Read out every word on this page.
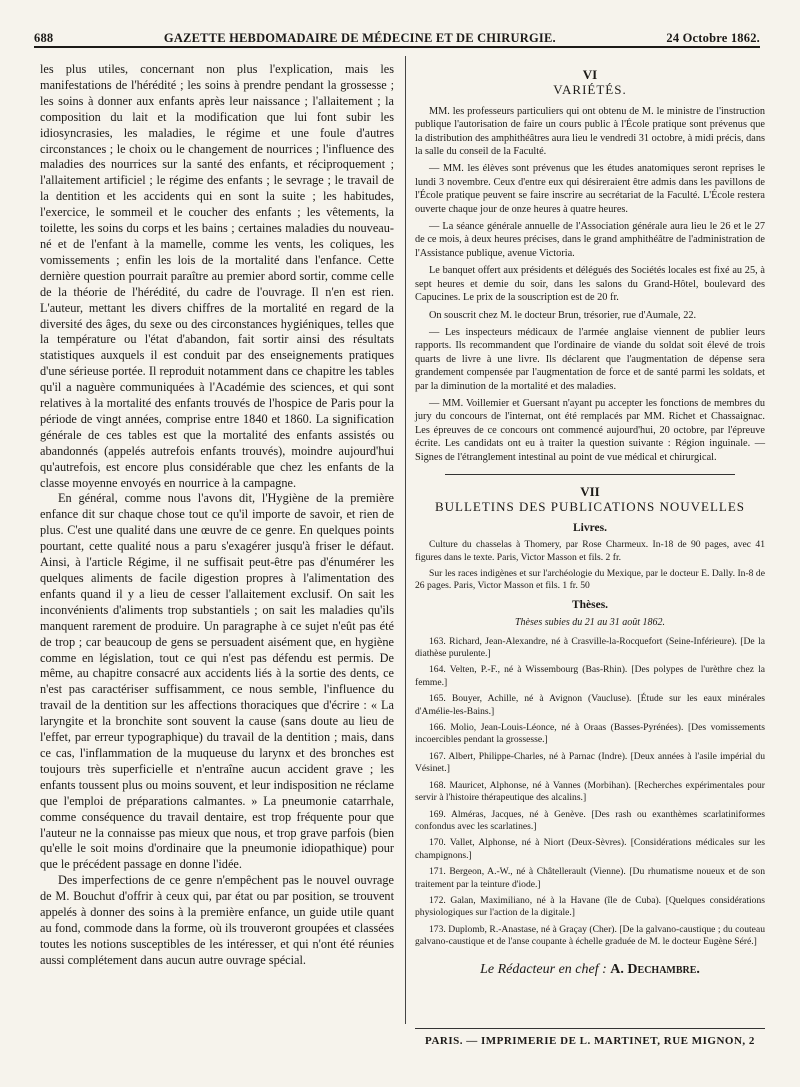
688	GAZETTE HEBDOMADAIRE DE MÉDECINE ET DE CHIRURGIE.	24 Octobre 1862.

les plus utiles, concernant non plus l'explication, mais les manifestations de l'hérédité ; les soins à prendre pendant la grossesse ; les soins à donner aux enfants après leur naissance ; l'allaitement ; la composition du lait et la modification que lui font subir les idiosyncrasies, les maladies, le régime et une foule d'autres circonstances ; le choix ou le changement de nourrices ; l'influence des maladies des nourrices sur la santé des enfants, et réciproquement ; l'allaitement artificiel ; le régime des enfants ; le sevrage ; le travail de la dentition et les accidents qui en sont la suite ; les habitudes, l'exercice, le sommeil et le coucher des enfants ; les vêtements, la toilette, les soins du corps et les bains ; certaines maladies du nouveau-né et de l'enfant à la mamelle, comme les vents, les coliques, les vomissements ; enfin les lois de la mortalité dans l'enfance. Cette dernière question pourrait paraître au premier abord sortir, comme celle de la théorie de l'hérédité, du cadre de l'ouvrage. Il n'en est rien. L'auteur, mettant les divers chiffres de la mortalité en regard de la diversité des âges, du sexe ou des circonstances hygiéniques, telles que la température ou l'état d'abandon, fait sortir ainsi des résultats statistiques auxquels il est conduit par des enseignements pratiques d'une sérieuse portée. Il reproduit notamment dans ce chapitre les tables qu'il a naguère communiquées à l'Académie des sciences, et qui sont relatives à la mortalité des enfants trouvés de l'hospice de Paris pour la période de vingt années, comprise entre 1840 et 1860. La signification générale de ces tables est que la mortalité des enfants assistés ou abandonnés (appelés autrefois enfants trouvés), moindre aujourd'hui qu'autrefois, est encore plus considérable que chez les enfants de la classe moyenne envoyés en nourrice à la campagne.

En général, comme nous l'avons dit, l'Hygiène de la première enfance dit sur chaque chose tout ce qu'il importe de savoir, et rien de plus. C'est une qualité dans une œuvre de ce genre. En quelques points pourtant, cette qualité nous a paru s'exagérer jusqu'à friser le défaut. Ainsi, à l'article Régime, il ne suffisait peut-être pas d'énumérer les quelques aliments de facile digestion propres à l'alimentation des enfants quand il y a lieu de cesser l'allaitement exclusif. On sait les inconvénients d'aliments trop substantiels ; on sait les maladies qu'ils manquent rarement de produire. Un paragraphe à ce sujet n'eût pas été de trop ; car beaucoup de gens se persuadent aisément que, en hygiène comme en législation, tout ce qui n'est pas défendu est permis. De même, au chapitre consacré aux accidents liés à la sortie des dents, ce n'est pas caractériser suffisamment, ce nous semble, l'influence du travail de la dentition sur les affections thoraciques que d'écrire : « La laryngite et la bronchite sont souvent la cause (sans doute au lieu de l'effet, par erreur typographique) du travail de la dentition ; mais, dans ce cas, l'inflammation de la muqueuse du larynx et des bronches est toujours très superficielle et n'entraîne aucun accident grave ; les enfants toussent plus ou moins souvent, et leur indisposition ne réclame que l'emploi de préparations calmantes. » La pneumonie catarrhale, comme conséquence du travail dentaire, est trop fréquente pour que l'auteur ne la connaisse pas mieux que nous, et trop grave parfois (bien qu'elle le soit moins d'ordinaire que la pneumonie idiopathique) pour que le précédent passage en donne l'idée.

Des imperfections de ce genre n'empêchent pas le nouvel ouvrage de M. Bouchut d'offrir à ceux qui, par état ou par position, se trouvent appelés à donner des soins à la première enfance, un guide utile quant au fond, commode dans la forme, où ils trouveront groupées et classées toutes les notions susceptibles de les intéresser, et qui n'ont été réunies aussi complétement dans aucun autre ouvrage spécial.

VI
VARIÉTÉS.

MM. les professeurs particuliers qui ont obtenu de M. le ministre de l'instruction publique l'autorisation de faire un cours public à l'École pratique sont prévenus que la distribution des amphithéâtres aura lieu le vendredi 31 octobre, à midi précis, dans la salle du conseil de la Faculté.

— MM. les élèves sont prévenus que les études anatomiques seront reprises le lundi 3 novembre. Ceux d'entre eux qui désireraient être admis dans les pavillons de l'École pratique peuvent se faire inscrire au secrétariat de la Faculté. L'École restera ouverte chaque jour de onze heures à quatre heures.

— La séance générale annuelle de l'Association générale aura lieu le 26 et le 27 de ce mois, à deux heures précises, dans le grand amphithéâtre de l'administration de l'Assistance publique, avenue Victoria.

Le banquet offert aux présidents et délégués des Sociétés locales est fixé au 25, à sept heures et demie du soir, dans les salons du Grand-Hôtel, boulevard des Capucines. Le prix de la souscription est de 20 fr.

On souscrit chez M. le docteur Brun, trésorier, rue d'Aumale, 22.

— Les inspecteurs médicaux de l'armée anglaise viennent de publier leurs rapports. Ils recommandent que l'ordinaire de viande du soldat soit élevé de trois quarts de livre à une livre. Ils déclarent que l'augmentation de dépense sera grandement compensée par l'augmentation de force et de santé parmi les soldats, et par la diminution de la mortalité et des maladies.

— MM. Voillemier et Guersant n'ayant pu accepter les fonctions de membres du jury du concours de l'internat, ont été remplacés par MM. Richet et Chassaignac. Les épreuves de ce concours ont commencé aujourd'hui, 20 octobre, par l'épreuve écrite. Les candidats ont eu à traiter la question suivante : Région inguinale. — Signes de l'étranglement intestinal au point de vue médical et chirurgical.

VII
BULLETINS DES PUBLICATIONS NOUVELLES
Livres.

Culture du chasselas à Thomery, par Rose Charmeux. In-18 de 90 pages, avec 41 figures dans le texte. Paris, Victor Masson et fils. 2 fr.

Sur les races indigènes et sur l'archéologie du Mexique, par le docteur E. Dally. In-8 de 26 pages. Paris, Victor Masson et fils. 1 fr. 50

Thèses.
Thèses subies du 21 au 31 août 1862.

163. Richard, Jean-Alexandre, né à Crasville-la-Rocquefort (Seine-Inférieure). [De la diathèse purulente.]

164. Velten, P.-F., né à Wissembourg (Bas-Rhin). [Des polypes de l'urèthre chez la femme.]

165. Bouyer, Achille, né à Avignon (Vaucluse). [Étude sur les eaux minérales d'Amélie-les-Bains.]

166. Molio, Jean-Louis-Léonce, né à Oraas (Basses-Pyrénées). [Des vomissements incoercibles pendant la grossesse.]

167. Albert, Philippe-Charles, né à Parnac (Indre). [Deux années à l'asile impérial du Vésinet.]

168. Mauricet, Alphonse, né à Vannes (Morbihan). [Recherches expérimentales pour servir à l'histoire thérapeutique des alcalins.]

169. Alméras, Jacques, né à Genève. [Des rash ou exanthèmes scarlatiniformes confondus avec les scarlatines.]

170. Vallet, Alphonse, né à Niort (Deux-Sèvres). [Considérations médicales sur les champignons.]

171. Bergeon, A.-W., né à Châtellerault (Vienne). [Du rhumatisme noueux et de son traitement par la teinture d'iode.]

172. Galan, Maximiliano, né à la Havane (île de Cuba). [Quelques considérations physiologiques sur l'action de la digitale.]

173. Duplomb, R.-Anastase, né à Graçay (Cher). [De la galvano-caustique ; du couteau galvano-caustique et de l'anse coupante à échelle graduée de M. le docteur Eugène Séré.]

Le Rédacteur en chef : A. Dechambre.
PARIS. — IMPRIMERIE DE L. MARTINET, RUE MIGNON, 2
